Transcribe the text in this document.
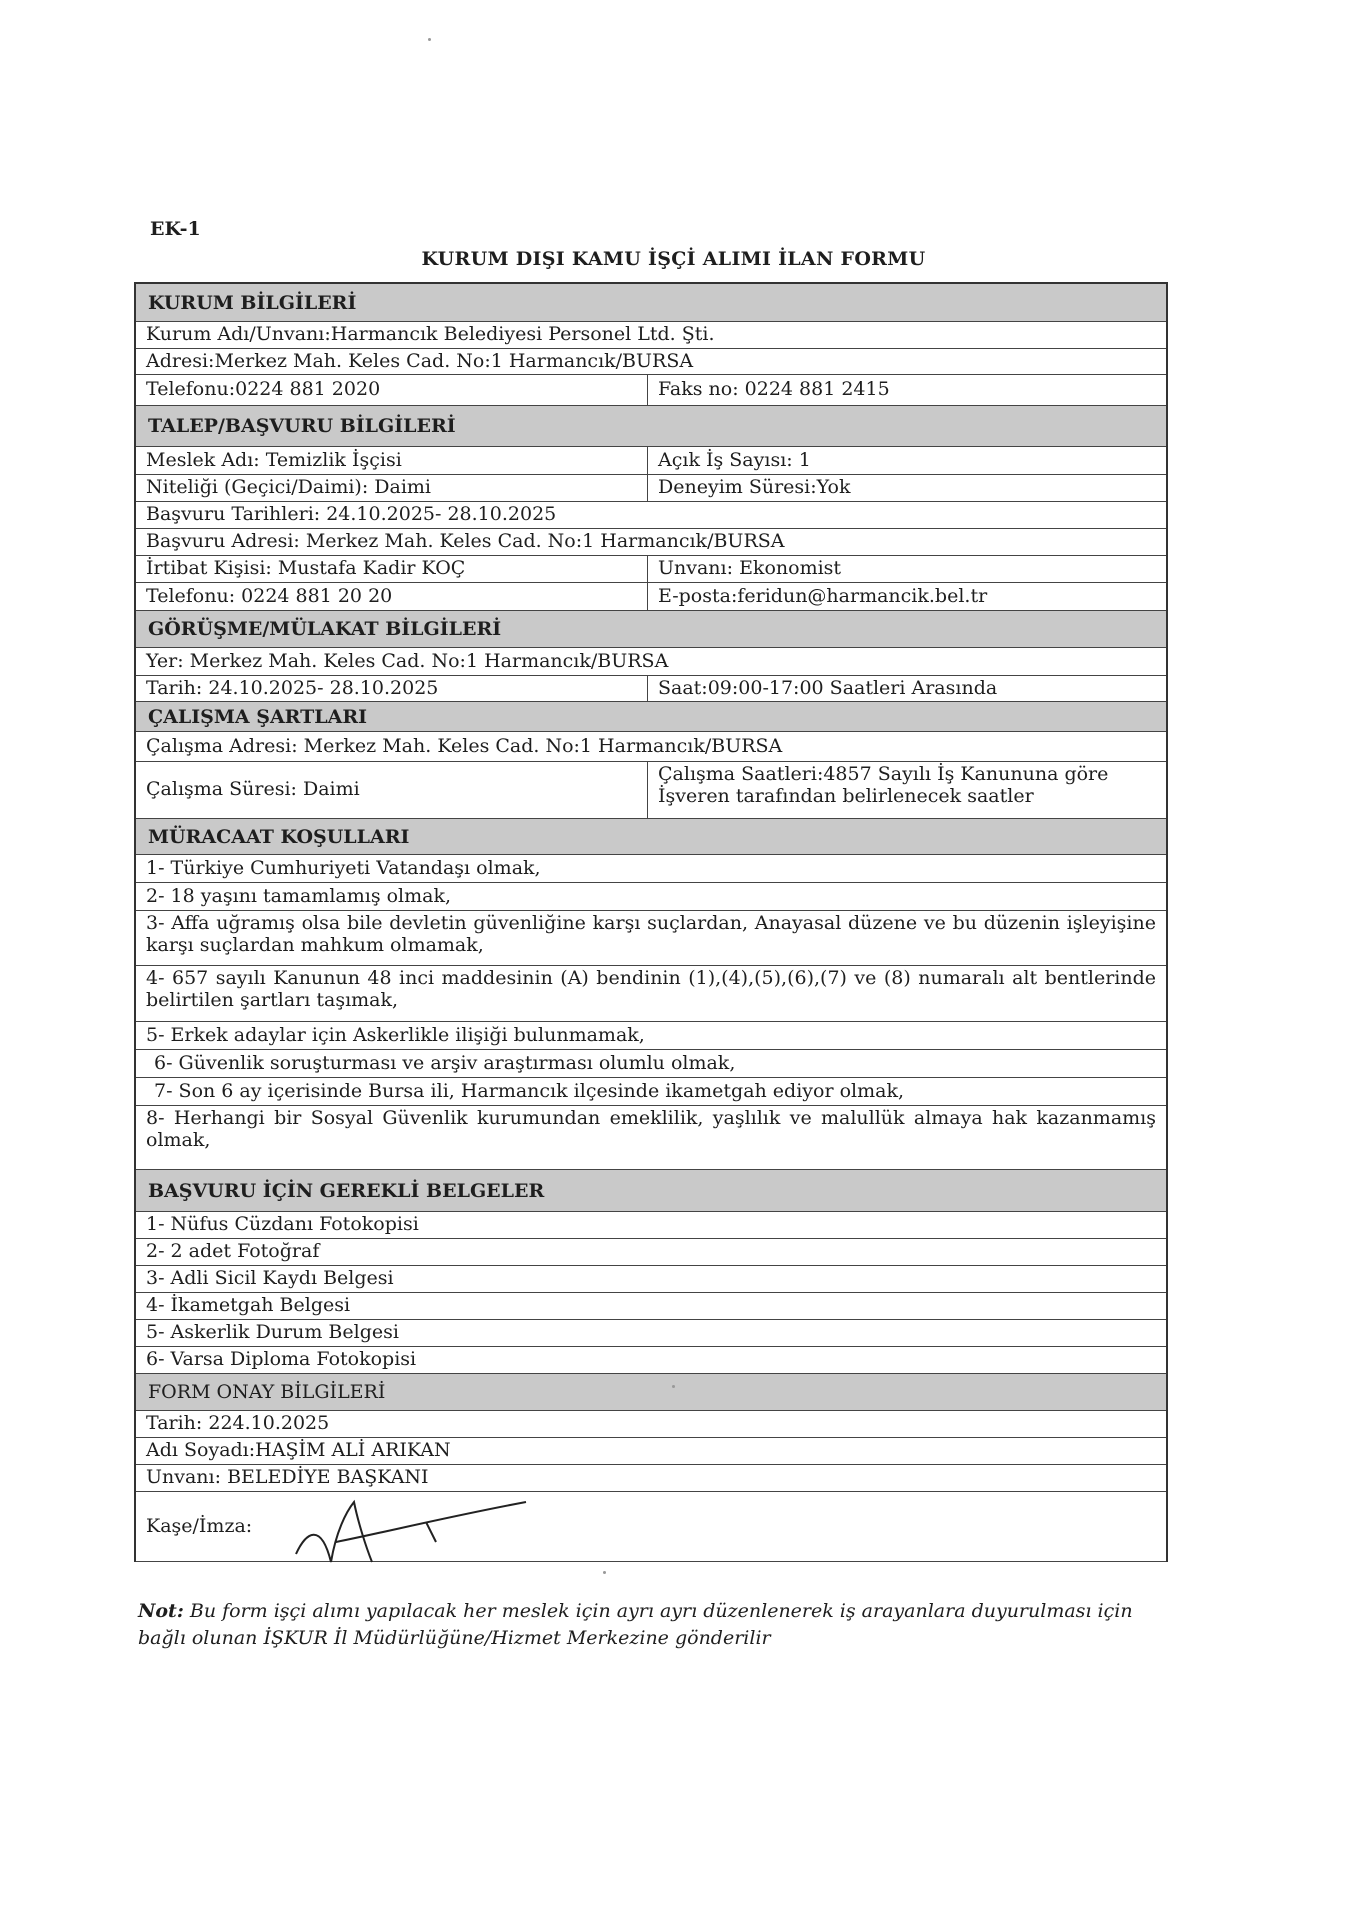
EK-1
KURUM DIŞI KAMU İŞÇİ ALIMI İLAN FORMU
KURUM BİLGİLERİ
Kurum Adı/Unvanı:Harmancık Belediyesi Personel Ltd. Şti.
Adresi:Merkez Mah. Keles Cad. No:1 Harmancık/BURSA
Telefonu:0224 881 2020	Faks no: 0224 881 2415
TALEP/BAŞVURU BİLGİLERİ
Meslek Adı: Temizlik İşçisi	Açık İş Sayısı: 1
Niteliği (Geçici/Daimi): Daimi	Deneyim Süresi:Yok
Başvuru Tarihleri: 24.10.2025- 28.10.2025
Başvuru Adresi: Merkez Mah. Keles Cad. No:1 Harmancık/BURSA
İrtibat Kişisi: Mustafa Kadir KOÇ	Unvanı: Ekonomist
Telefonu: 0224 881 20 20	E-posta:feridun@harmancik.bel.tr
GÖRÜŞME/MÜLAKAT BİLGİLERİ
Yer: Merkez Mah. Keles Cad. No:1 Harmancık/BURSA
Tarih: 24.10.2025- 28.10.2025	Saat:09:00-17:00 Saatleri Arasında
ÇALIŞMA ŞARTLARI
Çalışma Adresi: Merkez Mah. Keles Cad. No:1 Harmancık/BURSA
Çalışma Süresi: Daimi
Çalışma Saatleri:4857 Sayılı İş Kanununa göre İşveren tarafından belirlenecek saatler
MÜRACAAT KOŞULLARI
1- Türkiye Cumhuriyeti Vatandaşı olmak,
2- 18 yaşını tamamlamış olmak,
3- Affa uğramış olsa bile devletin güvenliğine karşı suçlardan, Anayasal düzene ve bu düzenin işleyişine karşı suçlardan mahkum olmamak,
4- 657 sayılı Kanunun 48 inci maddesinin (A) bendinin (1),(4),(5),(6),(7) ve (8) numaralı alt bentlerinde belirtilen şartları taşımak,
5- Erkek adaylar için Askerlikle ilişiği bulunmamak,
6- Güvenlik soruşturması ve arşiv araştırması olumlu olmak,
7- Son 6 ay içerisinde Bursa ili, Harmancık ilçesinde ikametgah ediyor olmak,
8- Herhangi bir Sosyal Güvenlik kurumundan emeklilik, yaşlılık ve malullük almaya hak kazanmamış olmak,
BAŞVURU İÇİN GEREKLİ BELGELER
1- Nüfus Cüzdanı Fotokopisi
2- 2 adet Fotoğraf
3- Adli Sicil Kaydı Belgesi
4- İkametgah Belgesi
5- Askerlik Durum Belgesi
6- Varsa Diploma Fotokopisi
FORM ONAY BİLGİLERİ
Tarih: 224.10.2025
Adı Soyadı:HAŞİM ALİ ARIKAN
Unvanı: BELEDİYE BAŞKANI
Kaşe/İmza:
Not: Bu form işçi alımı yapılacak her meslek için ayrı ayrı düzenlenerek iş arayanlara duyurulması için bağlı olunan İŞKUR İl Müdürlüğüne/Hizmet Merkezine gönderilir
